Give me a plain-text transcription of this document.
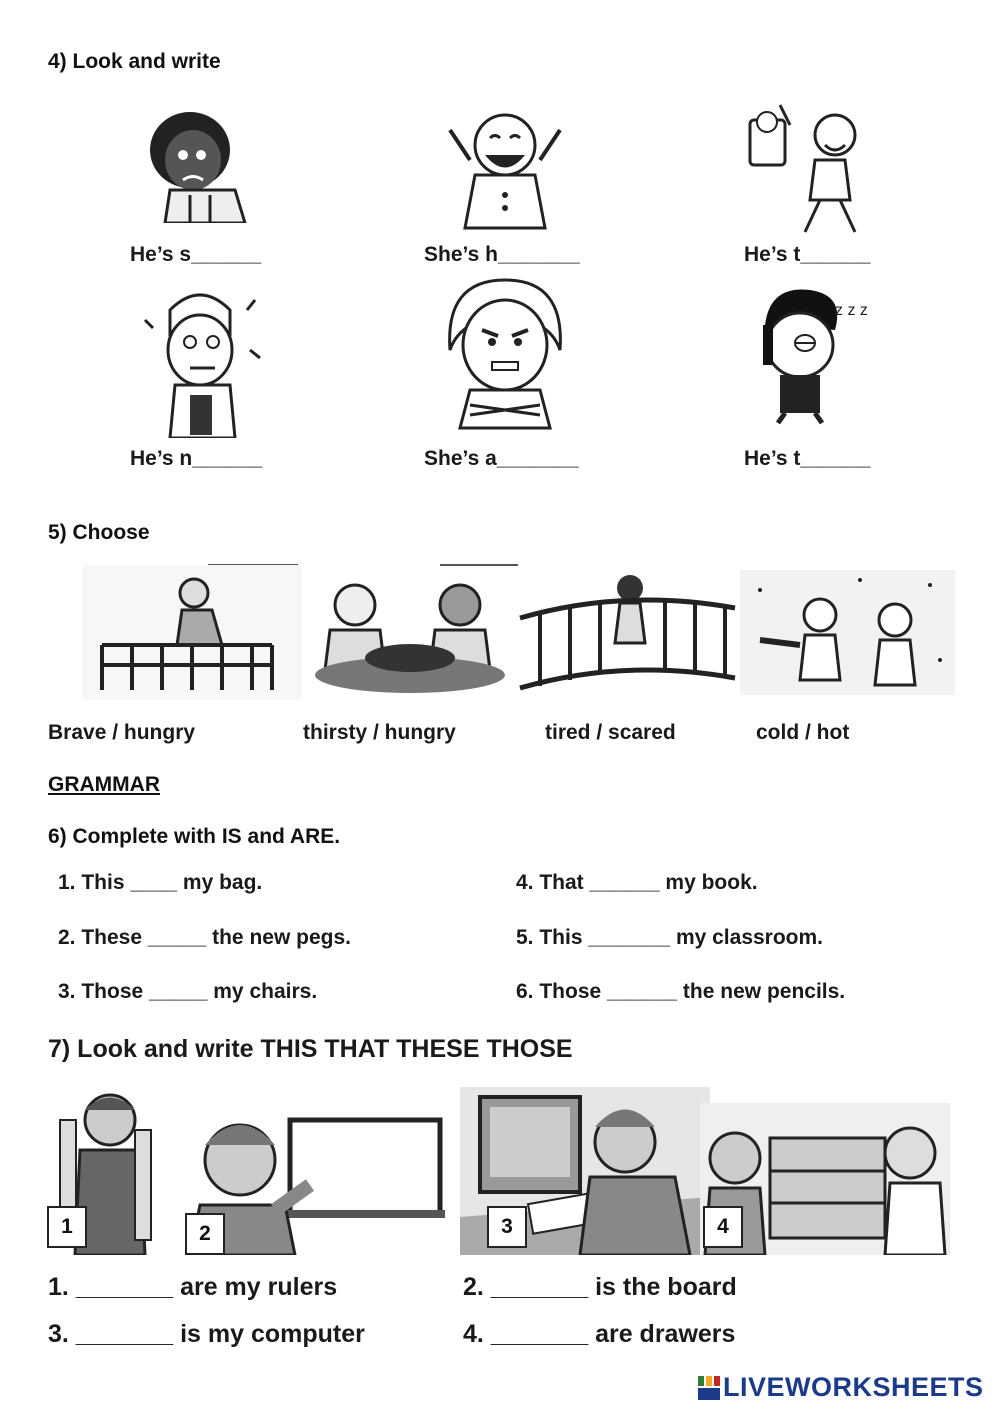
4) Look and write
He’s s______	She’s h_______	He’s t______
z z z
He’s n______	She’s a_______	He’s t______
5) Choose
Brave / hungry	thirsty / hungry	tired / scared	cold / hot
GRAMMAR
6) Complete with IS and ARE.
1. This ____ my bag.	4. That ______ my book.
2. These _____ the new pegs.	5. This _______ my classroom.
3. Those _____ my chairs.	6. Those ______ the new pencils.
7) Look and write THIS THAT THESE THOSE
1	2	3	4
1. _______ are my rulers	2. _______ is the board
3. _______ is my computer	4. _______ are drawers
LIVEWORKSHEETS
